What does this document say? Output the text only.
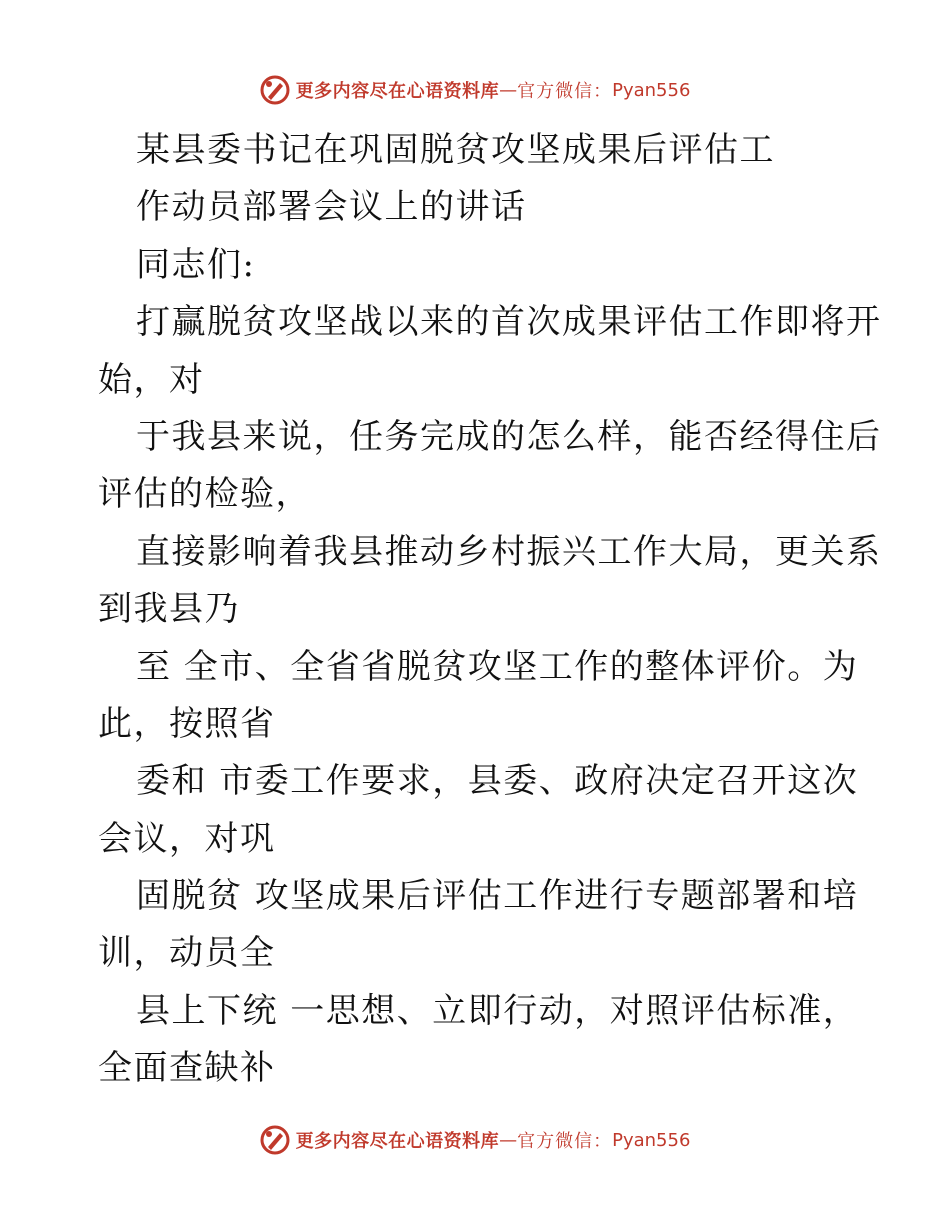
更多内容尽在心语资料库 — 官方微信： Pyan556
某县委书记在巩固脱贫攻坚成果后评估工
作动员部署会议上的讲话
同志们:
打赢脱贫攻坚战以来的首次成果评估工作即将开
始，对
于我县来说，任务完成的怎么样，能否经得住后
评估的检验，
直接影响着我县推动乡村振兴工作大局，更关系
到我县乃
至 全市、全省省脱贫攻坚工作的整体评价。为
此，按照省
委和 市委工作要求，县委、政府决定召开这次
会议，对巩
固脱贫 攻坚成果后评估工作进行专题部署和培
训，动员全
县上下统 一思想、立即行动，对照评估标准，
全面查缺补
更多内容尽在心语资料库 — 官方微信： Pyan556
